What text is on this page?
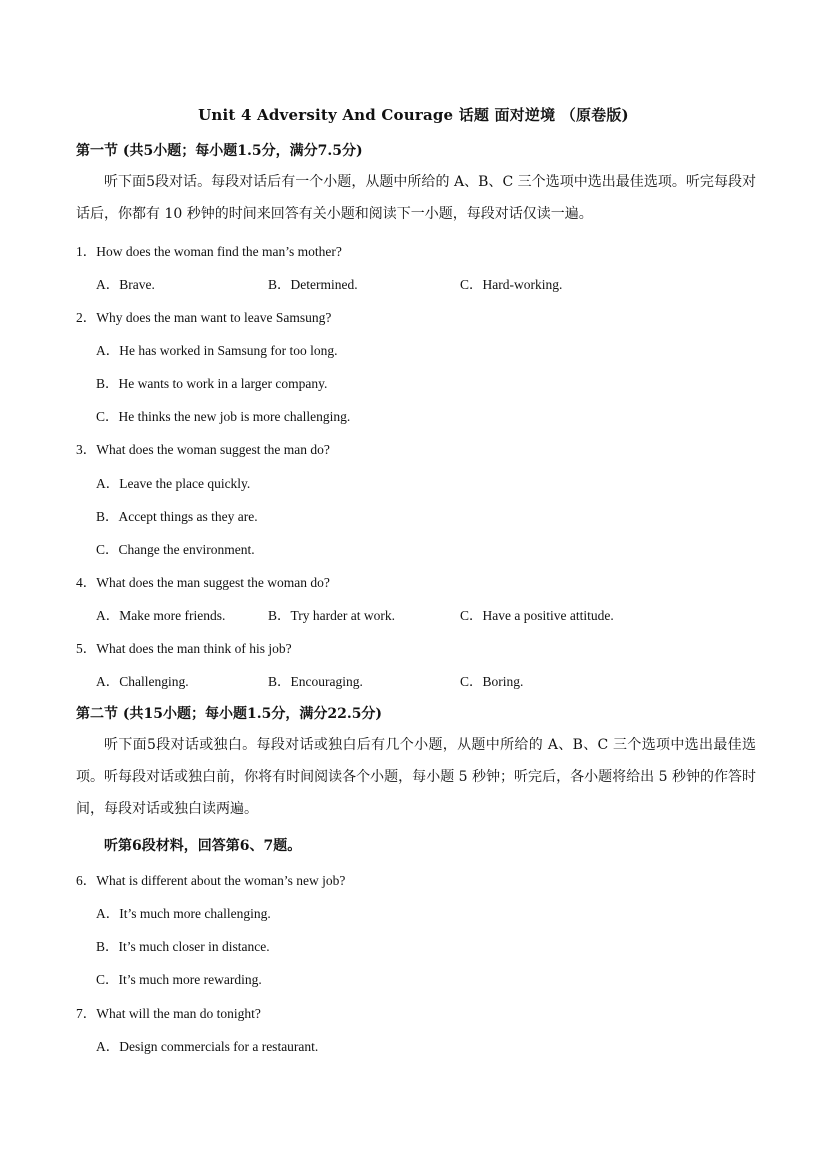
Unit 4 Adversity And Courage 话题 面对逆境 （原卷版)
第一节 (共5小题；每小题1.5分，满分7.5分)
听下面5段对话。每段对话后有一个小题，从题中所给的 A、B、C 三个选项中选出最佳选项。听完每段对话后，你都有 10 秒钟的时间来回答有关小题和阅读下一小题，每段对话仅读一遍。
1．How does the woman find the man’s mother?
A．Brave.	B．Determined.	C．Hard-working.
2．Why does the man want to leave Samsung?
A．He has worked in Samsung for too long.
B．He wants to work in a larger company.
C．He thinks the new job is more challenging.
3．What does the woman suggest the man do?
A．Leave the place quickly.
B．Accept things as they are.
C．Change the environment.
4．What does the man suggest the woman do?
A．Make more friends.	B．Try harder at work.	C．Have a positive attitude.
5．What does the man think of his job?
A．Challenging.	B．Encouraging.	C．Boring.
第二节 (共15小题；每小题1.5分，满分22.5分)
听下面5段对话或独白。每段对话或独白后有几个小题，从题中所给的 A、B、C 三个选项中选出最佳选项。听每段对话或独白前，你将有时间阅读各个小题，每小题 5 秒钟；听完后，各小题将给出 5 秒钟的作答时间，每段对话或独白读两遍。
听第6段材料，回答第6、7题。
6．What is different about the woman’s new job?
A．It’s much more challenging.
B．It’s much closer in distance.
C．It’s much more rewarding.
7．What will the man do tonight?
A．Design commercials for a restaurant.
